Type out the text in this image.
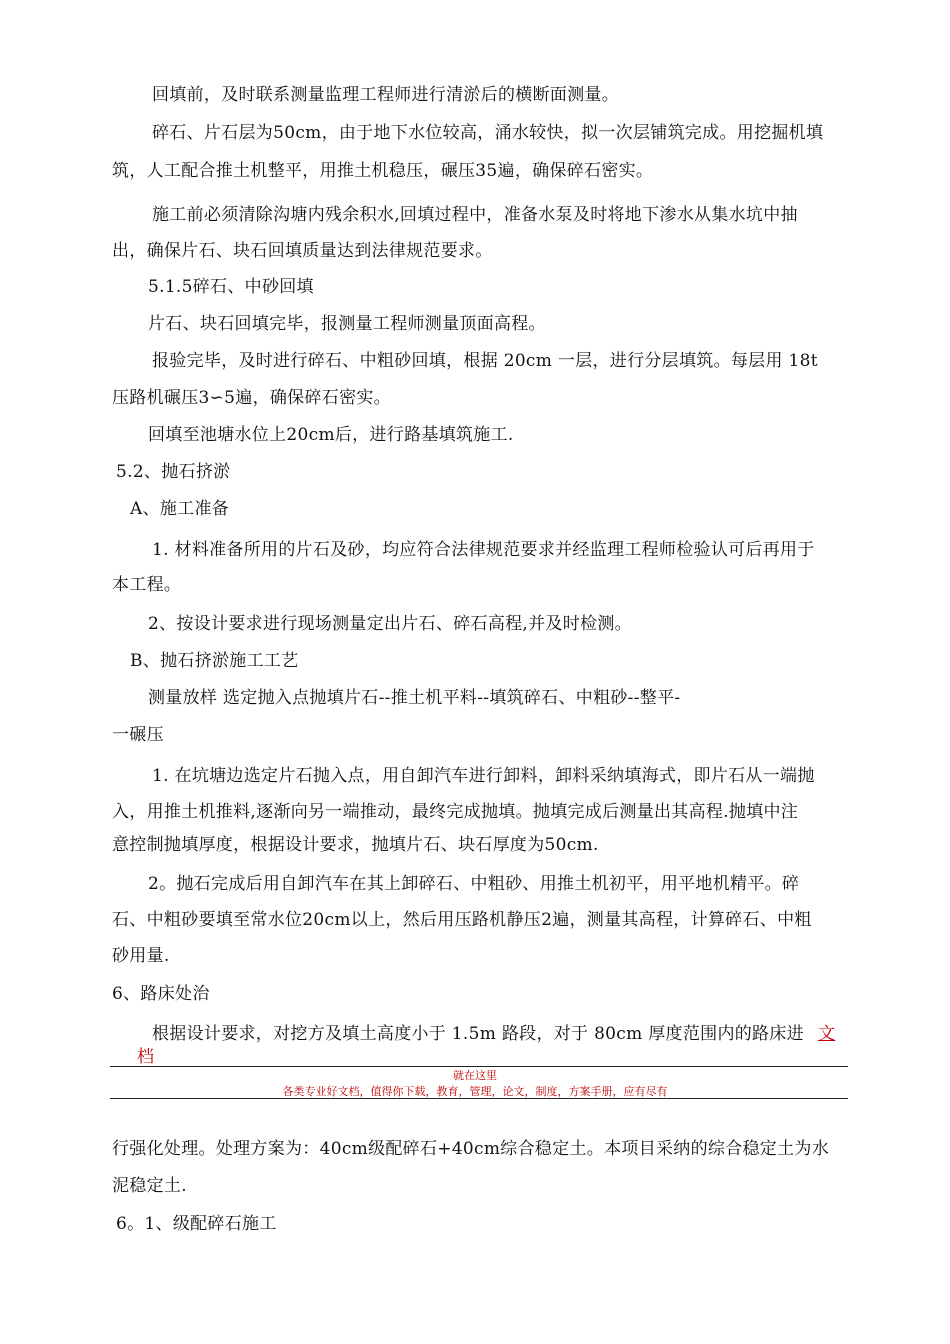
回填前，及时联系测量监理工程师进行清淤后的横断面测量。
碎石、片石层为50cm，由于地下水位较高，涌水较快，拟一次层铺筑完成。用挖掘机填
筑，人工配合推土机整平，用推土机稳压，碾压35遍，确保碎石密实。
施工前必须清除沟塘内残余积水,回填过程中，准备水泵及时将地下渗水从集水坑中抽
出，确保片石、块石回填质量达到法律规范要求。
5.1.5碎石、中砂回填
片石、块石回填完毕，报测量工程师测量顶面高程。
报验完毕，及时进行碎石、中粗砂回填，根据 20cm 一层，进行分层填筑。每层用 18t
压路机碾压3∽5遍，确保碎石密实。
回填至池塘水位上20cm后，进行路基填筑施工.
5.2、抛石挤淤
A、施工准备
1. 材料准备所用的片石及砂，均应符合法律规范要求并经监理工程师检验认可后再用于
本工程。
2、按设计要求进行现场测量定出片石、碎石高程,并及时检测。
B、抛石挤淤施工工艺
测量放样 选定抛入点抛填片石--推土机平料--填筑碎石、中粗砂--整平-
一碾压
1. 在坑塘边选定片石抛入点，用自卸汽车进行卸料，卸料采纳填海式，即片石从一端抛
入，用推土机推料,逐渐向另一端推动，最终完成抛填。抛填完成后测量出其高程.抛填中注
意控制抛填厚度，根据设计要求，抛填片石、块石厚度为50cm.
2。抛石完成后用自卸汽车在其上卸碎石、中粗砂、用推土机初平，用平地机精平。碎
石、中粗砂要填至常水位20cm以上，然后用压路机静压2遍，测量其高程，计算碎石、中粗
砂用量.
6、路床处治
根据设计要求，对挖方及填土高度小于 1.5m 路段，对于 80cm 厚度范围内的路床进 文
档
就在这里
各类专业好文档，值得你下载，教育，管理，论文，制度，方案手册，应有尽有
行强化处理。处理方案为：40cm级配碎石+40cm综合稳定土。本项目采纳的综合稳定土为水
泥稳定土.
6。1、级配碎石施工
